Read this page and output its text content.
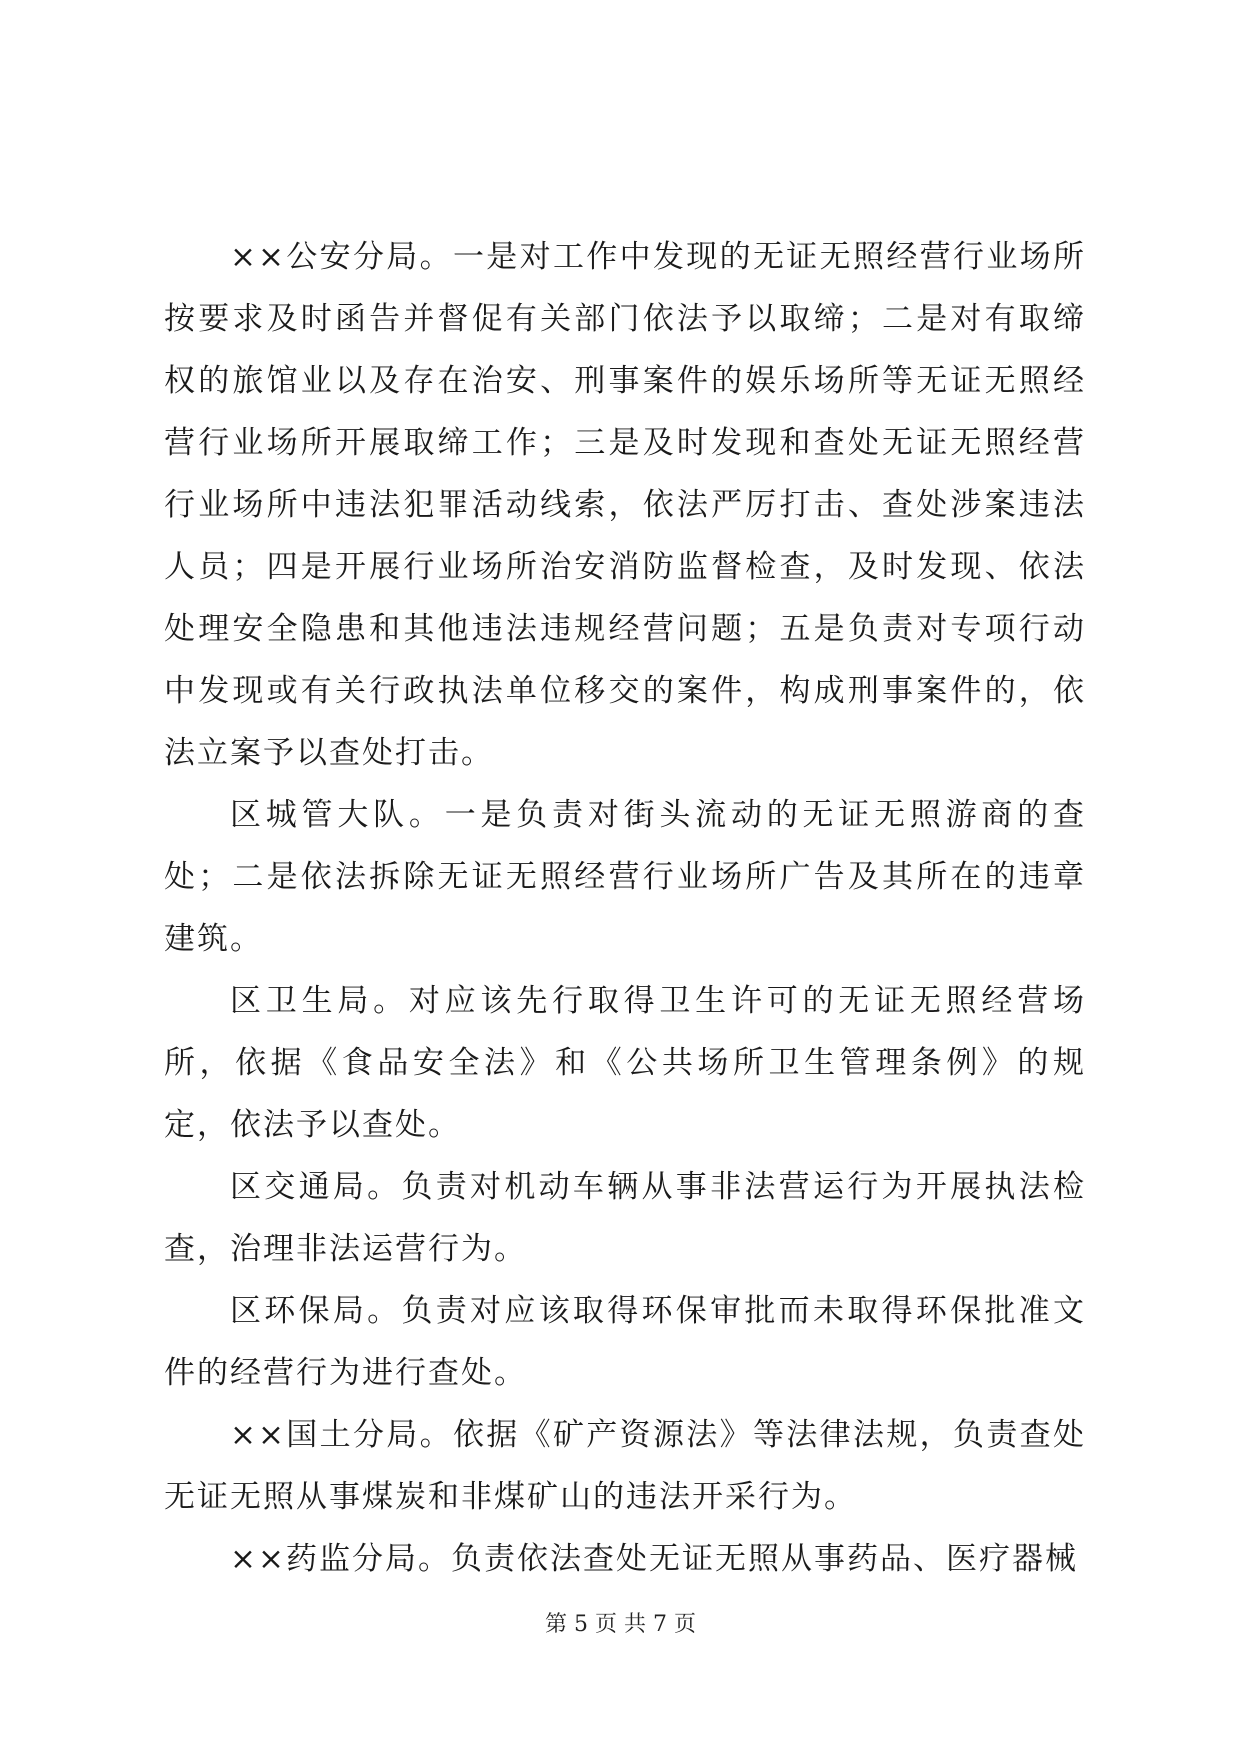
××公安分局。一是对工作中发现的无证无照经营行业场所按要求及时函告并督促有关部门依法予以取缔；二是对有取缔权的旅馆业以及存在治安、刑事案件的娱乐场所等无证无照经营行业场所开展取缔工作；三是及时发现和查处无证无照经营行业场所中违法犯罪活动线索，依法严厉打击、查处涉案违法人员；四是开展行业场所治安消防监督检查，及时发现、依法处理安全隐患和其他违法违规经营问题；五是负责对专项行动中发现或有关行政执法单位移交的案件，构成刑事案件的，依法立案予以查处打击。

区城管大队。一是负责对街头流动的无证无照游商的查处；二是依法拆除无证无照经营行业场所广告及其所在的违章建筑。

区卫生局。对应该先行取得卫生许可的无证无照经营场所，依据《食品安全法》和《公共场所卫生管理条例》的规定，依法予以查处。

区交通局。负责对机动车辆从事非法营运行为开展执法检查，治理非法运营行为。

区环保局。负责对应该取得环保审批而未取得环保批准文件的经营行为进行查处。

××国土分局。依据《矿产资源法》等法律法规，负责查处无证无照从事煤炭和非煤矿山的违法开采行为。

××药监分局。负责依法查处无证无照从事药品、医疗器械

第 5 页 共 7 页
